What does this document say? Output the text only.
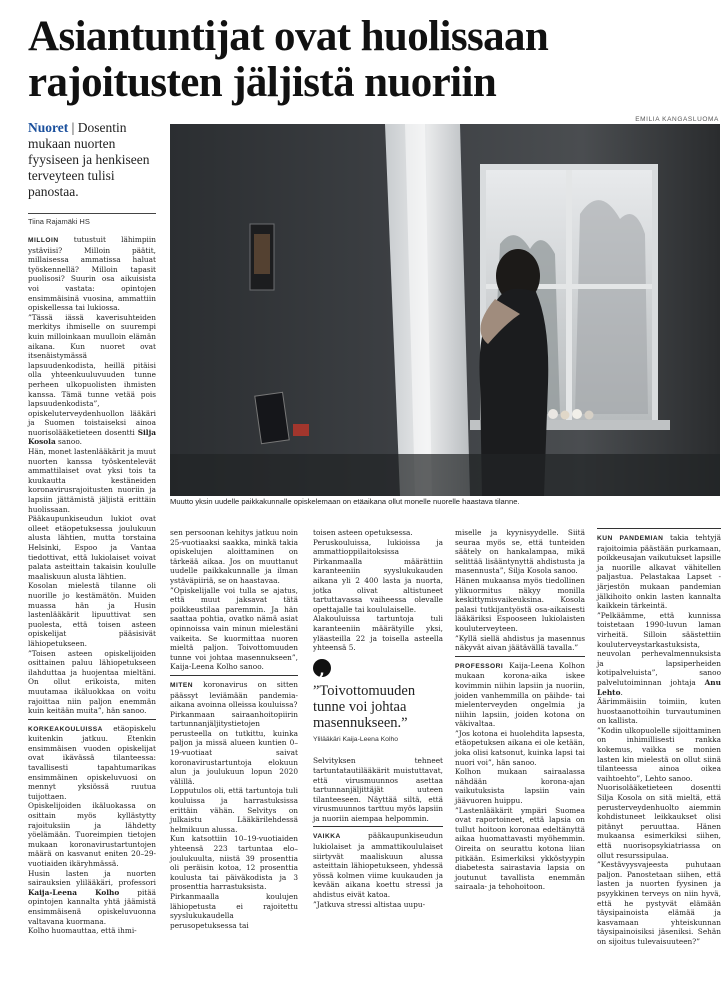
Asiantuntijat ovat huolissaan rajoitusten jäljistä nuoriin
EMILIA KANGASLUOMA
Muutto yksin uudelle paikkakunnalle opiskelemaan on etäaikana ollut monelle nuorelle haastava tilanne.

Nuoret | Dosentin mukaan nuorten fyysiseen ja henkiseen terveyteen tulisi panostaa.

Tiina Rajamäki HS

MILLOIN tutustuit lähimpiin ystäviisi? Milloin päätit, millaisessa ammatissa haluat työskennellä? Milloin tapasit puolisosi? Suurin osa aikuisista voi vastata: opintojen ensimmäisinä vuosina, ammattiin opiskellessa tai lukiossa.

”Tässä iässä kaverisuhteiden merkitys ihmiselle on suurempi kuin milloinkaan muulloin elämän aikana. Kun nuoret ovat itsenäistymässä lapsuudenkodista, heillä pitäisi olla yhteenkuuluvuuden tunne perheen ulkopuolisten ihmisten kanssa. Tämä tunne vetää pois lapsuudenkodista”, opiskeluterveydenhuollon lääkäri ja Suomen toistaiseksi ainoa nuorisolääketieteen dosentti Silja Kosola sanoo.

Hän, monet lastenlääkärit ja muut nuorten kanssa työskentelevät ammattilaiset ovat yksi tois ta kuukautta kestäneiden koronavirusrajoitusten nuoriin ja lapsiin jättämistä jäljistä erittäin huolissaan.

Pääkaupunkiseudun lukiot ovat olleet etäopetuksessa joulukuun alusta lähtien, mutta torstaina Helsinki, Espoo ja Vantaa tiedottivat, että lukiolaiset voivat palata asteittain takaisin koululle maaliskuun alusta lähtien.

Kosolan mielestä tilanne oli nuorille jo kestämätön. Muiden muassa hän ja Husin lastenlääkärit lipuuttivat sen puolesta, että toisen asteen opiskelijat pääsisivät lähiopetukseen.

”Toisen asteen opiskelijoiden osittainen paluu lähiopetukseen ilahduttaa ja huojentaa mieltäni. On ollut erikoista, miten muutamaa ikäluokkaa on voitu rajoittaa niin paljon enemmän kuin keitään muita”, hän sanoo.

KORKEAKOULUISSA etäopiskelu kuitenkin jatkuu. Etenkin ensimmäisen vuoden opiskelijat ovat ikävässä tilanteessa: tavallisesti tapahtumarikas ensimmäinen opiskeluvuosi on mennyt yksiössä ruutua tuijottaen.

Opiskelijoiden ikäluokassa on osittain myös kyllästytty rajoituksiin ja lähdetty yöelämään. Tuoreimpien tietojen mukaan koronavirustartuntojen määrä on kasvanut eniten 20–29-vuotiaiden ikäryhmässä.

Husin lasten ja nuorten sairauksien ylilääkäri, professori Kaija-Leena Kolho pitää opintojen kannalta yhtä jäämistä ensimmäisenä opiskeluvuonna valtavana kuormana.

Kolho huomauttaa, että ihmi-

sen persoonan kehitys jatkuu noin 25-vuotiaaksi saakka, minkä takia opiskelujen aloittaminen on tärkeää aikaa. Jos on muuttanut uudelle paikkakunnalle ja ilman ystäväpiiriä, se on haastavaa.

”Opiskelijalle voi tulla se ajatus, että muut jaksavat tätä poikkeustilaa paremmin. Ja hän saattaa pohtia, ovatko nämä asiat opinnoissa vain minun mielestäni vaikeita. Se kuormittaa nuoren mieltä paljon. Toivottomuuden tunne voi johtaa masennukseen”, Kaija-Leena Kolho sanoo.

MITEN koronavirus on sitten päässyt leviämään pandemia-aikana avoinna olleissa kouluissa?

Pirkanmaan sairaanhoitopiirin tartunnanjäljitystietojen perusteella on tutkittu, kuinka paljon ja missä alueen kuntien 0–19-vuotiaat saivat koronavirustartuntoja elokuun alun ja joulukuun lopun 2020 välillä.

Lopputulos oli, että tartuntoja tuli kouluissa ja harrastuksissa erittäin vähän. Selvitys on julkaistu Lääkärilehdessä helmikuun alussa.

Kun katsottiin 10–19-vuotiaiden yhteensä 223 tartuntaa elo–joulukuulta, niistä 39 prosenttia oli peräisin kotoa, 12 prosenttia koulusta tai päiväkodista ja 3 prosenttia harrastuksista.

Pirkanmaalla koulujen lähiopetusta ei rajoitettu syyslukukaudella perusopetuksessa tai

toisen asteen opetuksessa.

Peruskouluissa, lukioissa ja ammattioppilaitoksissa Pirkanmaalla määrättiin karanteeniin syyslukukauden aikana yli 2 400 lasta ja nuorta, jotka olivat altistuneet tartuttavassa vaiheessa olevalle opettajalle tai koululaiselle.

Alakouluissa tartuntoja tuli karanteeniin määrätyille yksi, yläasteilla 22 ja toisella asteella yhteensä 5.

,
”Toivottomuuden tunne voi johtaa masennukseen.”
Ylilääkäri Kaija-Leena Kolho

Selvityksen tehneet tartuntatautilääkärit muistuttavat, että virusmuunnos asettaa tartunnanjäljittäjät uuteen tilanteeseen. Näyttää siltä, että virusmuunnos tarttuu myös lapsiin ja nuoriin aiempaa helpommin.

VAIKKA pääkaupunkiseudun lukiolaiset ja ammattikoululaiset siirtyvät maaliskuun alussa asteittain lähiopetukseen, yhdessä yössä kolmen viime kuukauden ja kevään aikana koettu stressi ja ahdistus eivät katoa.

”Jatkuva stressi altistaa uupu-

miselle ja kyynisyydelle. Siitä seuraa myös se, että tunteiden säätely on hankalampaa, mikä selittää lisääntynyttä ahdistusta ja masennusta”, Silja Kosola sanoo.

Hänen mukaansa myös tiedollinen ylikuormitus näkyy monilla keskittymisvaikeuksina. Kosola palasi tutkijantyöstä osa-aikaisesti lääkäriksi Espooseen lukiolaisten kouluterveyteen.

”Kyllä siellä ahdistus ja masennus näkyvät aivan jäätävällä tavalla.”

PROFESSORI Kaija-Leena Kolhon mukaan korona-aika iskee kovimmin niihin lapsiin ja nuoriin, joiden vanhemmilla on päihde- tai mielenterveyden ongelmia ja niihin lapsiin, joiden kotona on väkivaltaa.

”Jos kotona ei huolehdita lapsesta, etäopetuksen aikana ei ole ketään, joka olisi katsonut, kuinka lapsi tai nuori voi”, hän sanoo.

Kolhon mukaan sairaalassa nähdään korona-ajan vaikutuksista lapsiin vain jäävuoren huippu.

”Lastenlääkärit ympäri Suomea ovat raportoineet, että lapsia on tullut hoitoon koronaa edeltänyttä aikaa huomattavasti myöhemmin. Oireita on seurattu kotona liian pitkään. Esimerkiksi ykköstyypin diabetesta sairastavia lapsia on joutunut tavallista enemmän sairaala- ja tehohoitoon.

KUN PANDEMIAN takia tehtyjä rajoitoimia päästään purkamaan, poikkeusajan vaikutukset lapsille ja nuorille alkavat vähitellen paljastua. Pelastakaa Lapset -järjestön mukaan pandemian jälkihoito onkin lasten kannalta kaikkein tärkeintä.

”Pelkäämme, että kunnissa toistetaan 1990-luvun laman virheitä. Silloin säästettiin kouluterveystarkastuksista, neuvolan perhevalmennuksista ja lapsiperheiden kotipalveluista”, sanoo palvelutoiminnan johtaja Anu Lehto.

Äärimmäisiin toimiin, kuten huostaanottoihin turvautuminen on kallista.

”Kodin ulkopuolelle sijoittaminen on inhimillisesti rankka kokemus, vaikka se monien lasten kin mielestä on ollut siinä tilanteessa ainoa oikea vaihtoehto”, Lehto sanoo.

Nuorisolääketieteen dosentti Silja Kosola on sitä mieltä, että perusterveydenhuolto aiemmin kohdistuneet leikkaukset olisi pitänyt peruuttaa. Hänen mukaansa esimerkiksi siihen, että nuorisopsykiatriassa on ollut resurssipulaa.

”Kestävyysvajeesta puhutaan paljon. Panostetaan siihen, että lasten ja nuorten fyysinen ja psyykkinen terveys on niin hyvä, että he pystyvät elämään täysipainoista elämää ja kasvamaan yhteiskunnan täysipainoisiksi jäseniksi. Sehän on sijoitus tulevaisuuteen?”
